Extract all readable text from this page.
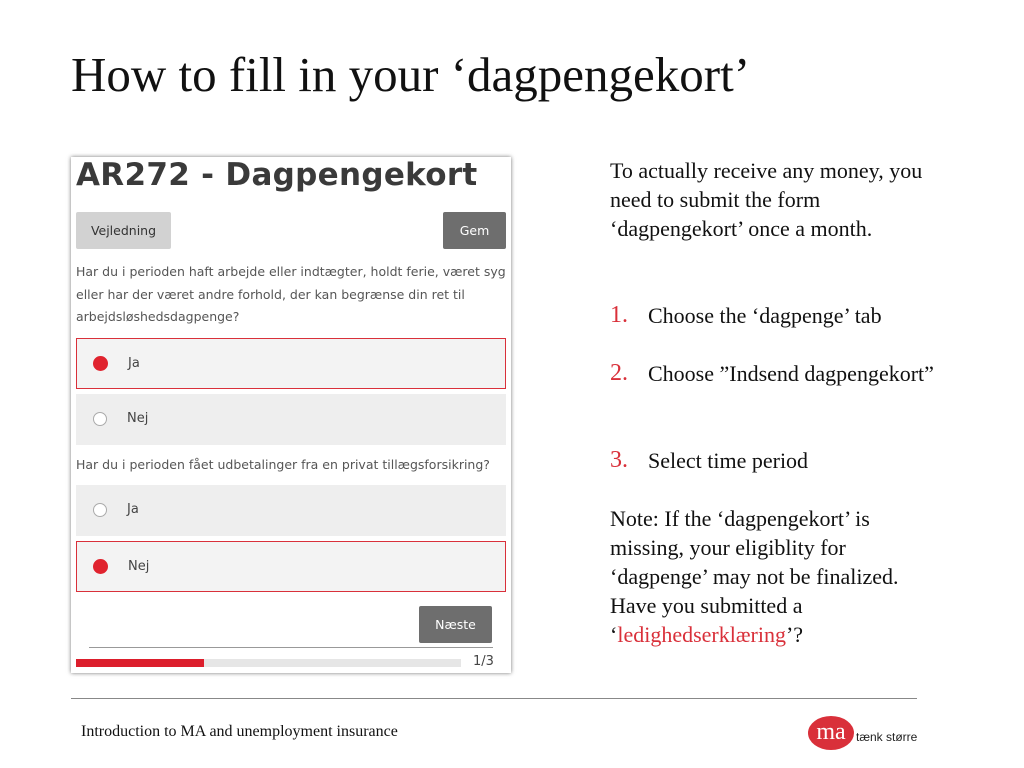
How to fill in your ‘dagpengekort’
AR272 - Dagpengekort
Vejledning	Gem
Har du i perioden haft arbejde eller indtægter, holdt ferie, været syg eller har der været andre forhold, der kan begrænse din ret til arbejdsløshedsdagpenge?
Ja
Nej
Har du i perioden fået udbetalinger fra en privat tillægsforsikring?
Ja
Nej
Næste
1/3
To actually receive any money, you need to submit the form ‘dagpengekort’ once a month.
1. Choose the ‘dagpenge’ tab
2. Choose ”Indsend dagpengekort”
3. Select time period
Note: If the ‘dagpengekort’ is missing, your eligiblity for ‘dagpenge’ may not be finalized. Have you submitted a ‘ledighedserklæring’?
Introduction to MA and unemployment insurance	ma tænk større
